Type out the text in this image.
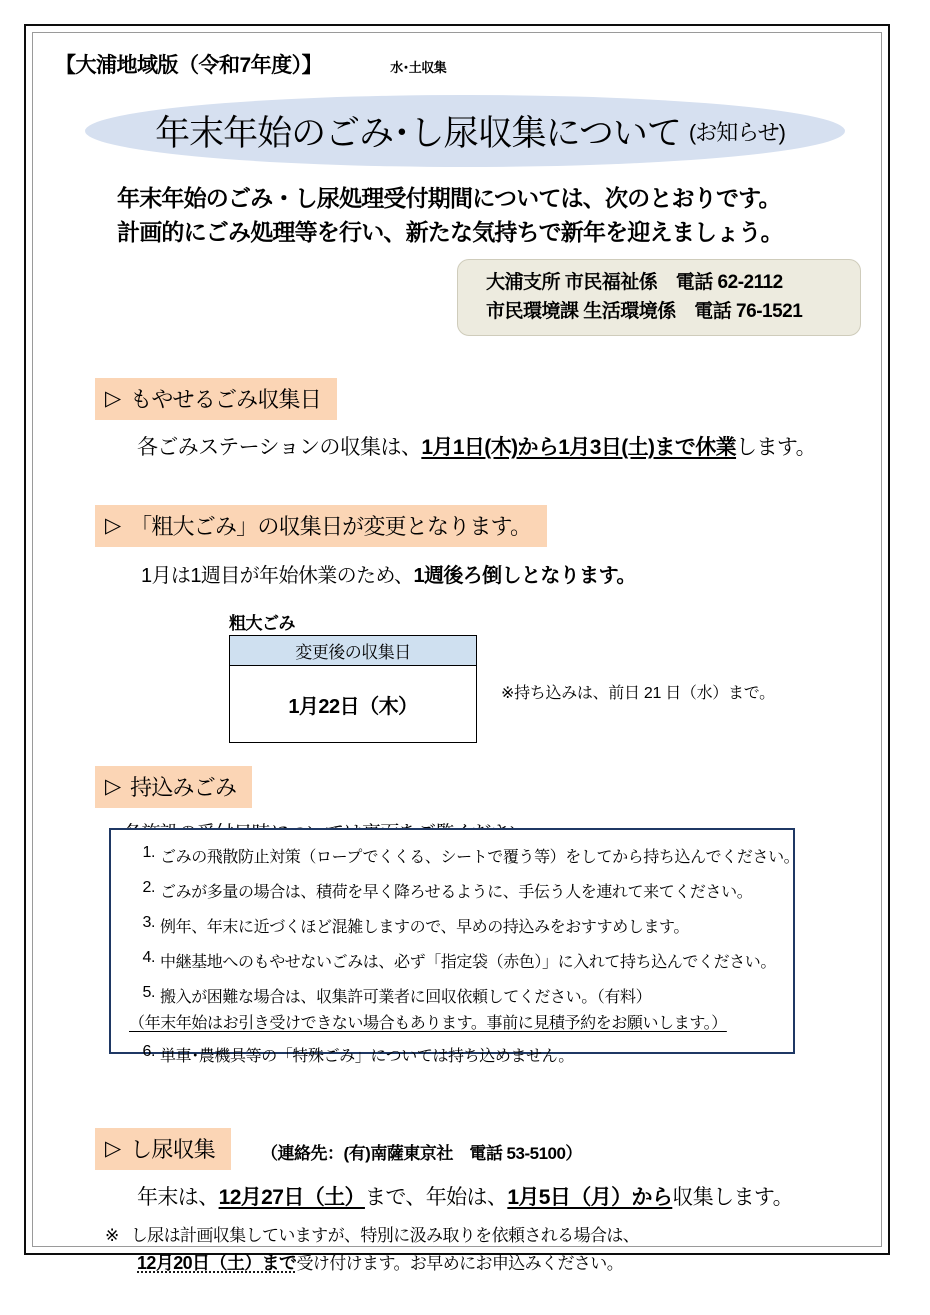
【大浦地域版（令和7年度）】	水･土収集
年末年始のごみ･し尿収集について (お知らせ)
年末年始のごみ・し尿処理受付期間については、次のとおりです。
計画的にごみ処理等を行い、新たな気持ちで新年を迎えましょう。
大浦支所 市民福祉係　電話 62-2112
市民環境課 生活環境係　電話 76-1521
▷ もやせるごみ収集日
各ごみステーションの収集は、1月1日(木)から1月3日(土)まで休業します。
▷ 「粗大ごみ」の収集日が変更となります。
1月は1週目が年始休業のため、1週後ろ倒しとなります。
粗大ごみ
変更後の収集日
1月22日（木）
※持ち込みは、前日 21 日（水）まで。
▷ 持込みごみ
1. ごみの飛散防止対策（ロープでくくる、シートで覆う等）をしてから持ち込んでください。
2. ごみが多量の場合は、積荷を早く降ろせるように、手伝う人を連れて来てください。
3. 例年、年末に近づくほど混雑しますので、早めの持込みをおすすめします。
4. 中継基地へのもやせないごみは、必ず「指定袋（赤色）」に入れて持ち込んでください。
5. 搬入が困難な場合は、収集許可業者に回収依頼してください。（有料）
（年末年始はお引き受けできない場合もあります。事前に見積予約をお願いします。）
6. 単車･農機具等の「特殊ごみ」については持ち込めません。
▷ し尿収集	（連絡先：(有)南薩東京社　電話 53-5100）
年末は、12月27日（土）まで、年始は、1月5日（月）から収集します。
※ し尿は計画収集していますが、特別に汲み取りを依頼される場合は、
12月20日（土）まで受け付けます。お早めにお申込みください。
